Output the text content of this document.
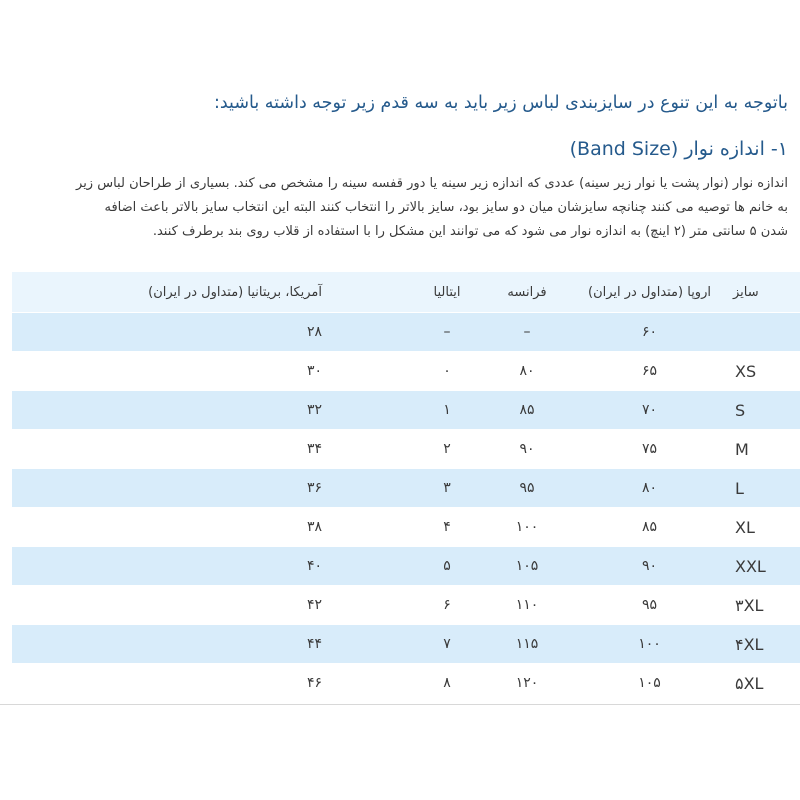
باتوجه به این تنوع در سایزبندی لباس زیر باید به سه قدم زیر توجه داشته باشید:
۱- اندازه نوار (Band Size)

اندازه نوار (نوار پشت یا نوار زیر سینه) عددی که اندازه زیر سینه یا دور قفسه سینه را مشخص می کند. بسیاری از طراحان لباس زیر

به خانم ها توصیه می کنند چنانچه سایزشان میان دو سایز بود، سایز بالاتر را انتخاب کنند البته این انتخاب سایز بالاتر باعث اضافه

شدن ۵ سانتی متر (۲ اینچ) به اندازه نوار می شود که می توانند این مشکل را با استفاده از قلاب روی بند برطرف کنند.

آمریکا، بریتانیا (متداول در ایران)	ایتالیا	فرانسه	اروپا (متداول در ایران)	سایز
۲۸	–	–	۶۰	
۳۰	۰	۸۰	۶۵	XS
۳۲	۱	۸۵	۷۰	S
۳۴	۲	۹۰	۷۵	M
۳۶	۳	۹۵	۸۰	L
۳۸	۴	۱۰۰	۸۵	XL
۴۰	۵	۱۰۵	۹۰	XXL
۴۲	۶	۱۱۰	۹۵	۳XL
۴۴	۷	۱۱۵	۱۰۰	۴XL
۴۶	۸	۱۲۰	۱۰۵	۵XL
